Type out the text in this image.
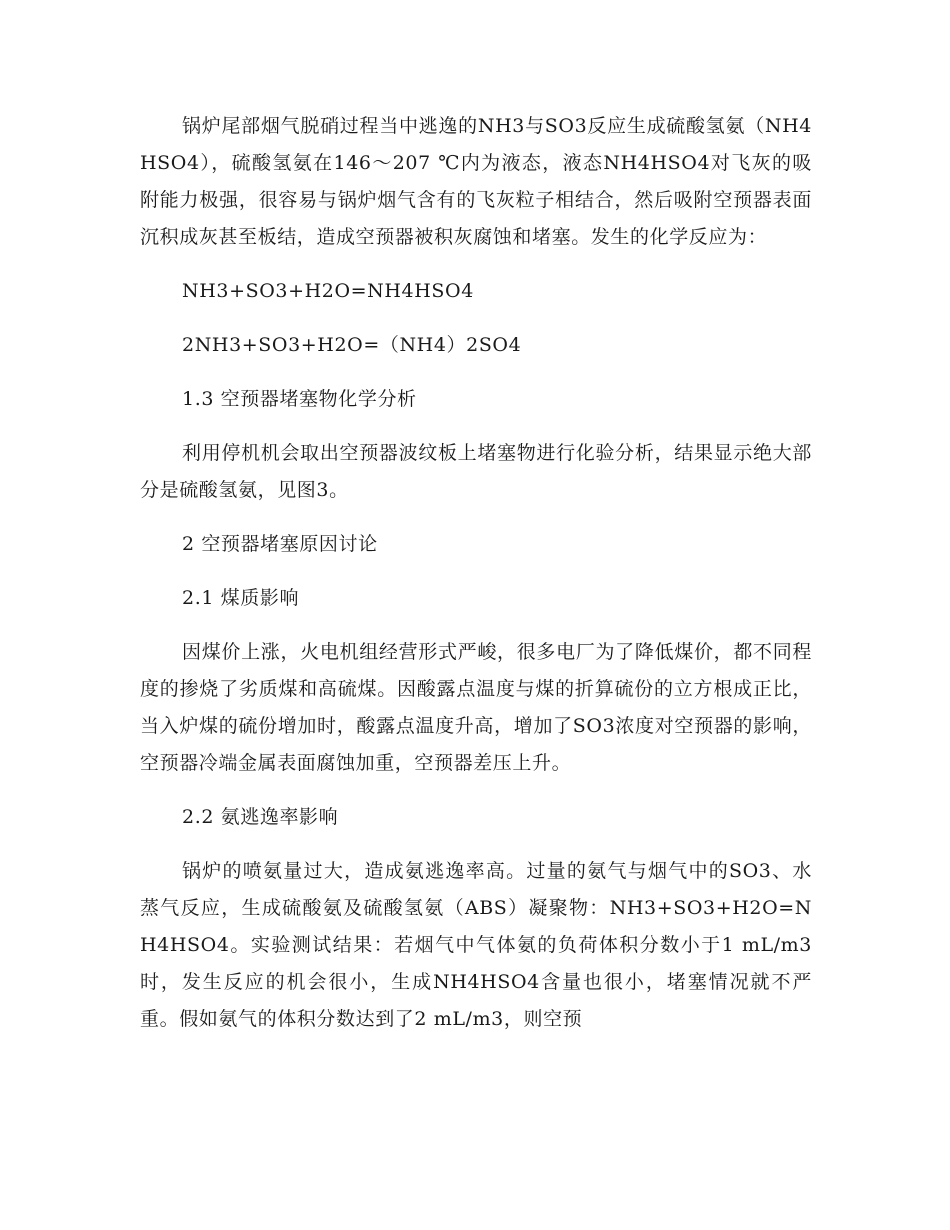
锅炉尾部烟气脱硝过程当中逃逸的NH3与SO3反应生成硫酸氢氨（NH4HSO4），硫酸氢氨在146～207 ℃内为液态，液态NH4HSO4对飞灰的吸附能力极强，很容易与锅炉烟气含有的飞灰粒子相结合，然后吸附空预器表面沉积成灰甚至板结，造成空预器被积灰腐蚀和堵塞。发生的化学反应为：

NH3+SO3+H2O=NH4HSO4

2NH3+SO3+H2O=（NH4）2SO4

1.3 空预器堵塞物化学分析

利用停机机会取出空预器波纹板上堵塞物进行化验分析，结果显示绝大部分是硫酸氢氨，见图3。

2 空预器堵塞原因讨论

2.1 煤质影响

因煤价上涨，火电机组经营形式严峻，很多电厂为了降低煤价，都不同程度的掺烧了劣质煤和高硫煤。因酸露点温度与煤的折算硫份的立方根成正比，当入炉煤的硫份增加时，酸露点温度升高，增加了SO3浓度对空预器的影响，空预器冷端金属表面腐蚀加重，空预器差压上升。

2.2 氨逃逸率影响

锅炉的喷氨量过大，造成氨逃逸率高。过量的氨气与烟气中的SO3、水蒸气反应，生成硫酸氨及硫酸氢氨（ABS）凝聚物：NH3+SO3+H2O=NH4HSO4。实验测试结果：若烟气中气体氨的负荷体积分数小于1 mL/m3 时，发生反应的机会很小，生成NH4HSO4含量也很小，堵塞情况就不严重。假如氨气的体积分数达到了2 mL/m3，则空预
